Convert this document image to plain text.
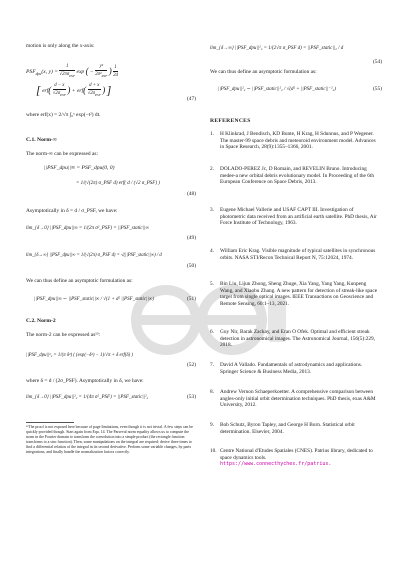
motion is only along the x-axis:
$PSF_{dpu}(x$, y) =
1
$√2\pi\sigma_{PSF}$
exp ( −
y²
$2\sigma^2_{PSF}$ ) $\frac{1}{2d}$
[ erf( d − x
$√2\sigma_{PSF}$ ) + erf( d + x
$√2\sigma_{PSF}$ ) ]
(47)
where erf(x) = 2/√π ∫₀ˣ exp(−t²) dt.
C.1. Norm-∞
The norm-∞ can be expressed as:
||PSF_dpu||∞ = PSF_dpu(0, 0)
= 1/(√(2π) σ_PSF d) erf( d / (√2 σ_PSF) )
(48)
Asymptotically in δ = d / σ_PSF, we have:
lim_{δ→0} ||PSF_dpu||∞ = 1/(2π σ²_PSF) = ||PSF_static||∞
(49)
lim_{δ→∞} ||PSF_dpu||∞ = 1/(√(2π) σ_PSF d) = √(||PSF_static||∞) / d
(50)
We can thus define an asymptotic formulation as:
||PSF_dpu||∞ ∼ ||PSF_static||∞ / √(1 + d² ||PSF_static||∞)	(51)
C.2. Norm-2
The norm-2 can be expressed as¹³:
||PSF_dpu||²₂ = 1/(π δ²) ( (exp(−δ²) − 1)/√π + δ erf(δ) )
(52)
where δ = d / (2σ_PSF). Asymptotically in δ, we have:
lim_{δ→0} ||PSF_dpu||²₂ = 1/(4π σ²_PSF) = ||PSF_static||²₂	(53)
¹³The proof is not exposed here because of page limitations, even though it is not trivial. A few steps can be quickly provided though. Start again from Equ. 14. The Parseval norm equality allows us to compute the norm in the Fourier domain to transform the convolution into a simple product (the rectangle function transforms to a sinc function). Then, some manipulations on the integral are required: derive three times to find a differential relation of the integral in its second derivative. Perform some variable changes, by parts integrations, and finally handle the normalization factors correctly.
lim_{δ→∞} ||PSF_dpu||²₂ = 1/(2√π σ_PSF d) = ||PSF_static||₂ / d
(54)
We can thus define an asymptotic formulation as:
||PSF_dpu||²₂ ∼ ||PSF_static||²₂ / √(d² + ||PSF_static||⁻²₂)	(55)
REFERENCES
1. H Klinkrad, J Bendisch, KD Bunte, H Krag, H Sdunnus, and P Wegener. The master-99 space debris and meteoroid environment model. Advances in Space Research, 28(9):1355–1366, 2001.
2. DOLADO-PEREZ Jc, D Romain, and REVELIN Bruno. Introducing medee-a new orbital debris evolutionary model. In Proceeding of the 6th European Conference on Space Debris, 2013.
3. Eugene Michael Vallerie and USAF CAPT III. Investigation of photometric data received from an artificial earth satellite. PhD thesis, Air Force Institute of Technology, 1963.
4. William Eric Krag. Visible magnitude of typical satellites in synchronous orbits. NASA STI/Recon Technical Report N, 75:12024, 1974.
5. Bin Liu, Lijun Zhong, Sheng Zhuge, Xia Yang, Yang Yang, Kunpeng Wang, and Xiaobu Zhang. A new pattern for detection of streak-like space target from single optical images. IEEE Transactions on Geoscience and Remote Sensing, 60:1–13, 2021.
6. Guy Nir, Barak Zackay, and Eran O Ofek. Optimal and efficient streak detection in astronomical images. The Astronomical Journal, 156(5):229, 2018.
7. David A Vallado. Fundamentals of astrodynamics and applications. Springer Science & Business Media, 2013.
8. Andrew Vernon Schaeperkoetter. A comprehensive comparison between angles-only initial orbit determination techniques. PhD thesis, exas A&M University, 2012.
9. Bob Schutz, Byron Tapley, and George H Born. Statistical orbit determination. Elsevier, 2004.
10. Centre National d'Etudes Spatiales (CNES). Patrius library, dedicated to space dynamics tools.
https://www.connecthyches.fr/patrius.
